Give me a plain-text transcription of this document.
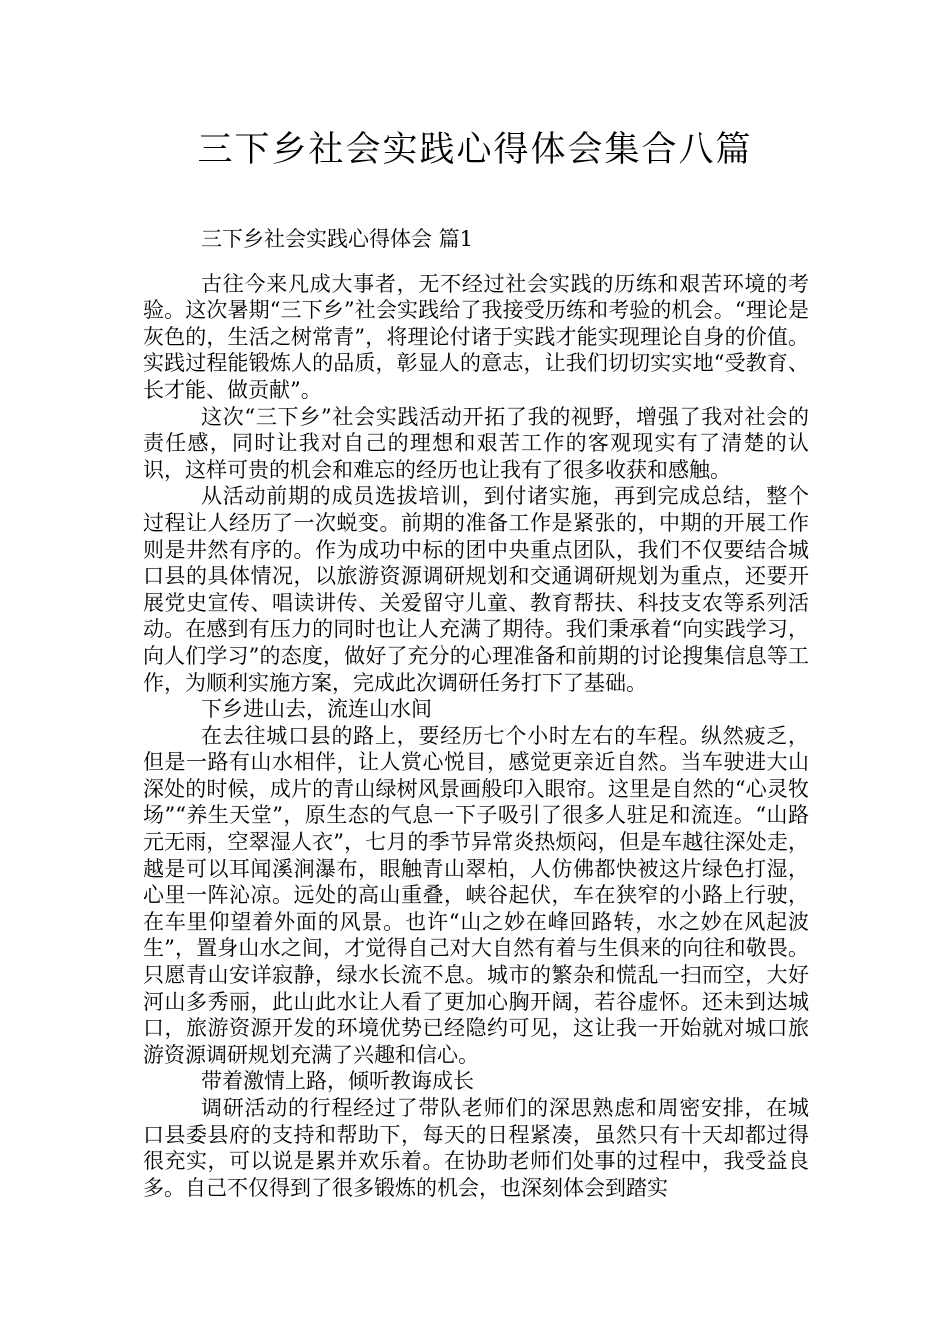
三下乡社会实践心得体会集合八篇

三下乡社会实践心得体会 篇1

古往今来凡成大事者，无不经过社会实践的历练和艰苦环境的考验。这次暑期“三下乡”社会实践给了我接受历练和考验的机会。“理论是灰色的，生活之树常青”，将理论付诸于实践才能实现理论自身的价值。实践过程能锻炼人的品质，彰显人的意志，让我们切切实实地“受教育、长才能、做贡献”。

这次“三下乡”社会实践活动开拓了我的视野，增强了我对社会的责任感，同时让我对自己的理想和艰苦工作的客观现实有了清楚的认识，这样可贵的机会和难忘的经历也让我有了很多收获和感触。

从活动前期的成员选拔培训，到付诸实施，再到完成总结，整个过程让人经历了一次蜕变。前期的准备工作是紧张的，中期的开展工作则是井然有序的。作为成功中标的团中央重点团队，我们不仅要结合城口县的具体情况，以旅游资源调研规划和交通调研规划为重点，还要开展党史宣传、唱读讲传、关爱留守儿童、教育帮扶、科技支农等系列活动。在感到有压力的同时也让人充满了期待。我们秉承着“向实践学习，向人们学习”的态度，做好了充分的心理准备和前期的讨论搜集信息等工作，为顺利实施方案，完成此次调研任务打下了基础。

下乡进山去，流连山水间

在去往城口县的路上，要经历七个小时左右的车程。纵然疲乏，但是一路有山水相伴，让人赏心悦目，感觉更亲近自然。当车驶进大山深处的时候，成片的青山绿树风景画般印入眼帘。这里是自然的“心灵牧场”“养生天堂”，原生态的气息一下子吸引了很多人驻足和流连。“山路元无雨，空翠湿人衣”，七月的季节异常炎热烦闷，但是车越往深处走，越是可以耳闻溪涧瀑布，眼触青山翠柏，人仿佛都快被这片绿色打湿，心里一阵沁凉。远处的高山重叠，峡谷起伏，车在狭窄的小路上行驶，在车里仰望着外面的风景。也许“山之妙在峰回路转，水之妙在风起波生”，置身山水之间，才觉得自己对大自然有着与生俱来的向往和敬畏。只愿青山安详寂静，绿水长流不息。城市的繁杂和慌乱一扫而空，大好河山多秀丽，此山此水让人看了更加心胸开阔，若谷虚怀。还未到达城口，旅游资源开发的环境优势已经隐约可见，这让我一开始就对城口旅游资源调研规划充满了兴趣和信心。

带着激情上路，倾听教诲成长

调研活动的行程经过了带队老师们的深思熟虑和周密安排，在城口县委县府的支持和帮助下，每天的日程紧凑，虽然只有十天却都过得很充实，可以说是累并欢乐着。在协助老师们处事的过程中，我受益良多。自己不仅得到了很多锻炼的机会，也深刻体会到踏实
